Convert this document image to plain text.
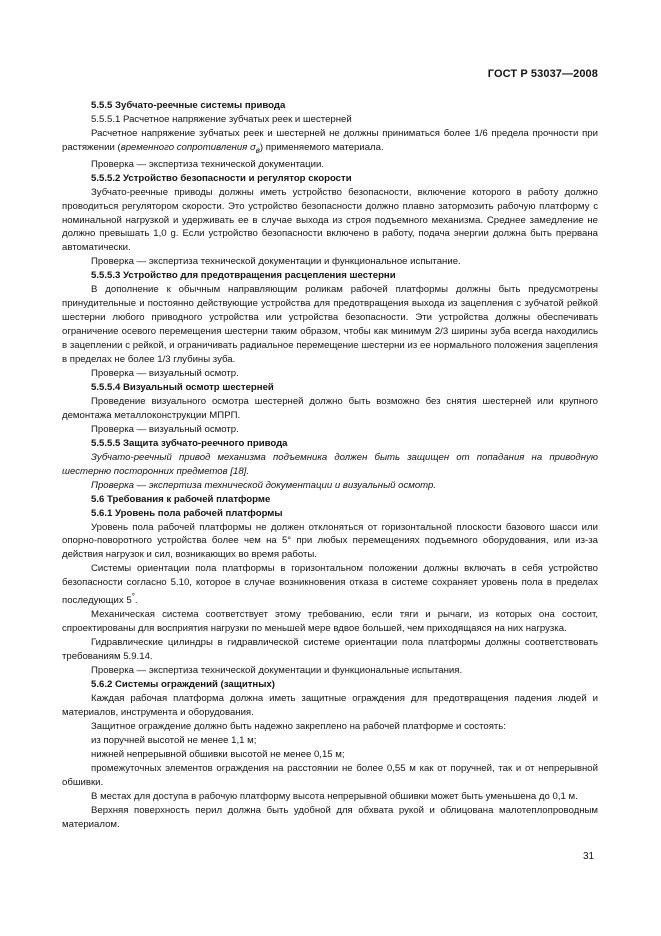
ГОСТ Р 53037—2008

5.5.5 Зубчато-реечные системы привода

5.5.5.1 Расчетное напряжение зубчатых реек и шестерней

Расчетное напряжение зубчатых реек и шестерней не должны приниматься более 1/6 предела прочности при растяжении (временного сопротивления $\sigma_в$) применяемого материала.

Проверка — экспертиза технической документации.

5.5.5.2 Устройство безопасности и регулятор скорости

Зубчато-реечные приводы должны иметь устройство безопасности, включение которого в работу должно проводиться регулятором скорости. Это устройство безопасности должно плавно затормозить рабочую платформу с номинальной нагрузкой и удерживать ее в случае выхода из строя подъемного механизма. Среднее замедление не должно превышать 1,0 g. Если устройство безопасности включено в работу, подача энергии должна быть прервана автоматически.

Проверка — экспертиза технической документации и функциональное испытание.

5.5.5.3 Устройство для предотвращения расцепления шестерни

В дополнение к обычным направляющим роликам рабочей платформы должны быть предусмотрены принудительные и постоянно действующие устройства для предотвращения выхода из зацепления с зубчатой рейкой шестерни любого приводного устройства или устройства безопасности. Эти устройства должны обеспечивать ограничение осевого перемещения шестерни таким образом, чтобы как минимум 2/3 ширины зуба всегда находились в зацеплении с рейкой, и ограничивать радиальное перемещение шестерни из ее нормального положения зацепления в пределах не более 1/3 глубины зуба.

Проверка — визуальный осмотр.

5.5.5.4 Визуальный осмотр шестерней

Проведение визуального осмотра шестерней должно быть возможно без снятия шестерней или крупного демонтажа металлоконструкции МПРП.

Проверка — визуальный осмотр.

5.5.5.5 Защита зубчато-реечного привода

Зубчато-реечный привод механизма подъемника должен быть защищен от попадания на приводную шестерню посторонних предметов [18].

Проверка — экспертиза технической документации и визуальный осмотр.

5.6 Требования к рабочей платформе

5.6.1 Уровень пола рабочей платформы

Уровень пола рабочей платформы не должен отклоняться от горизонтальной плоскости базового шасси или опорно-поворотного устройства более чем на 5° при любых перемещениях подъемного оборудования, или из-за действия нагрузок и сил, возникающих во время работы.

Системы ориентации пола платформы в горизонтальном положении должны включать в себя устройство безопасности согласно 5.10, которое в случае возникновения отказа в системе сохраняет уровень пола в пределах последующих 5°.

Механическая система соответствует этому требованию, если тяги и рычаги, из которых она состоит, спроектированы для восприятия нагрузки по меньшей мере вдвое большей, чем приходящаяся на них нагрузка.

Гидравлические цилиндры в гидравлической системе ориентации пола платформы должны соответствовать требованиям 5.9.14.

Проверка — экспертиза технической документации и функциональные испытания.

5.6.2 Системы ограждений (защитных)

Каждая рабочая платформа должна иметь защитные ограждения для предотвращения падения людей и материалов, инструмента и оборудования.

Защитное ограждение должно быть надежно закреплено на рабочей платформе и состоять:

из поручней высотой не менее 1,1 м;

нижней непрерывной обшивки высотой не менее 0,15 м;

промежуточных элементов ограждения на расстоянии не более 0,55 м как от поручней, так и от непрерывной обшивки.

В местах для доступа в рабочую платформу высота непрерывной обшивки может быть уменьшена до 0,1 м.

Верхняя поверхность перил должна быть удобной для обхвата рукой и облицована малотеплопроводным материалом.

31
